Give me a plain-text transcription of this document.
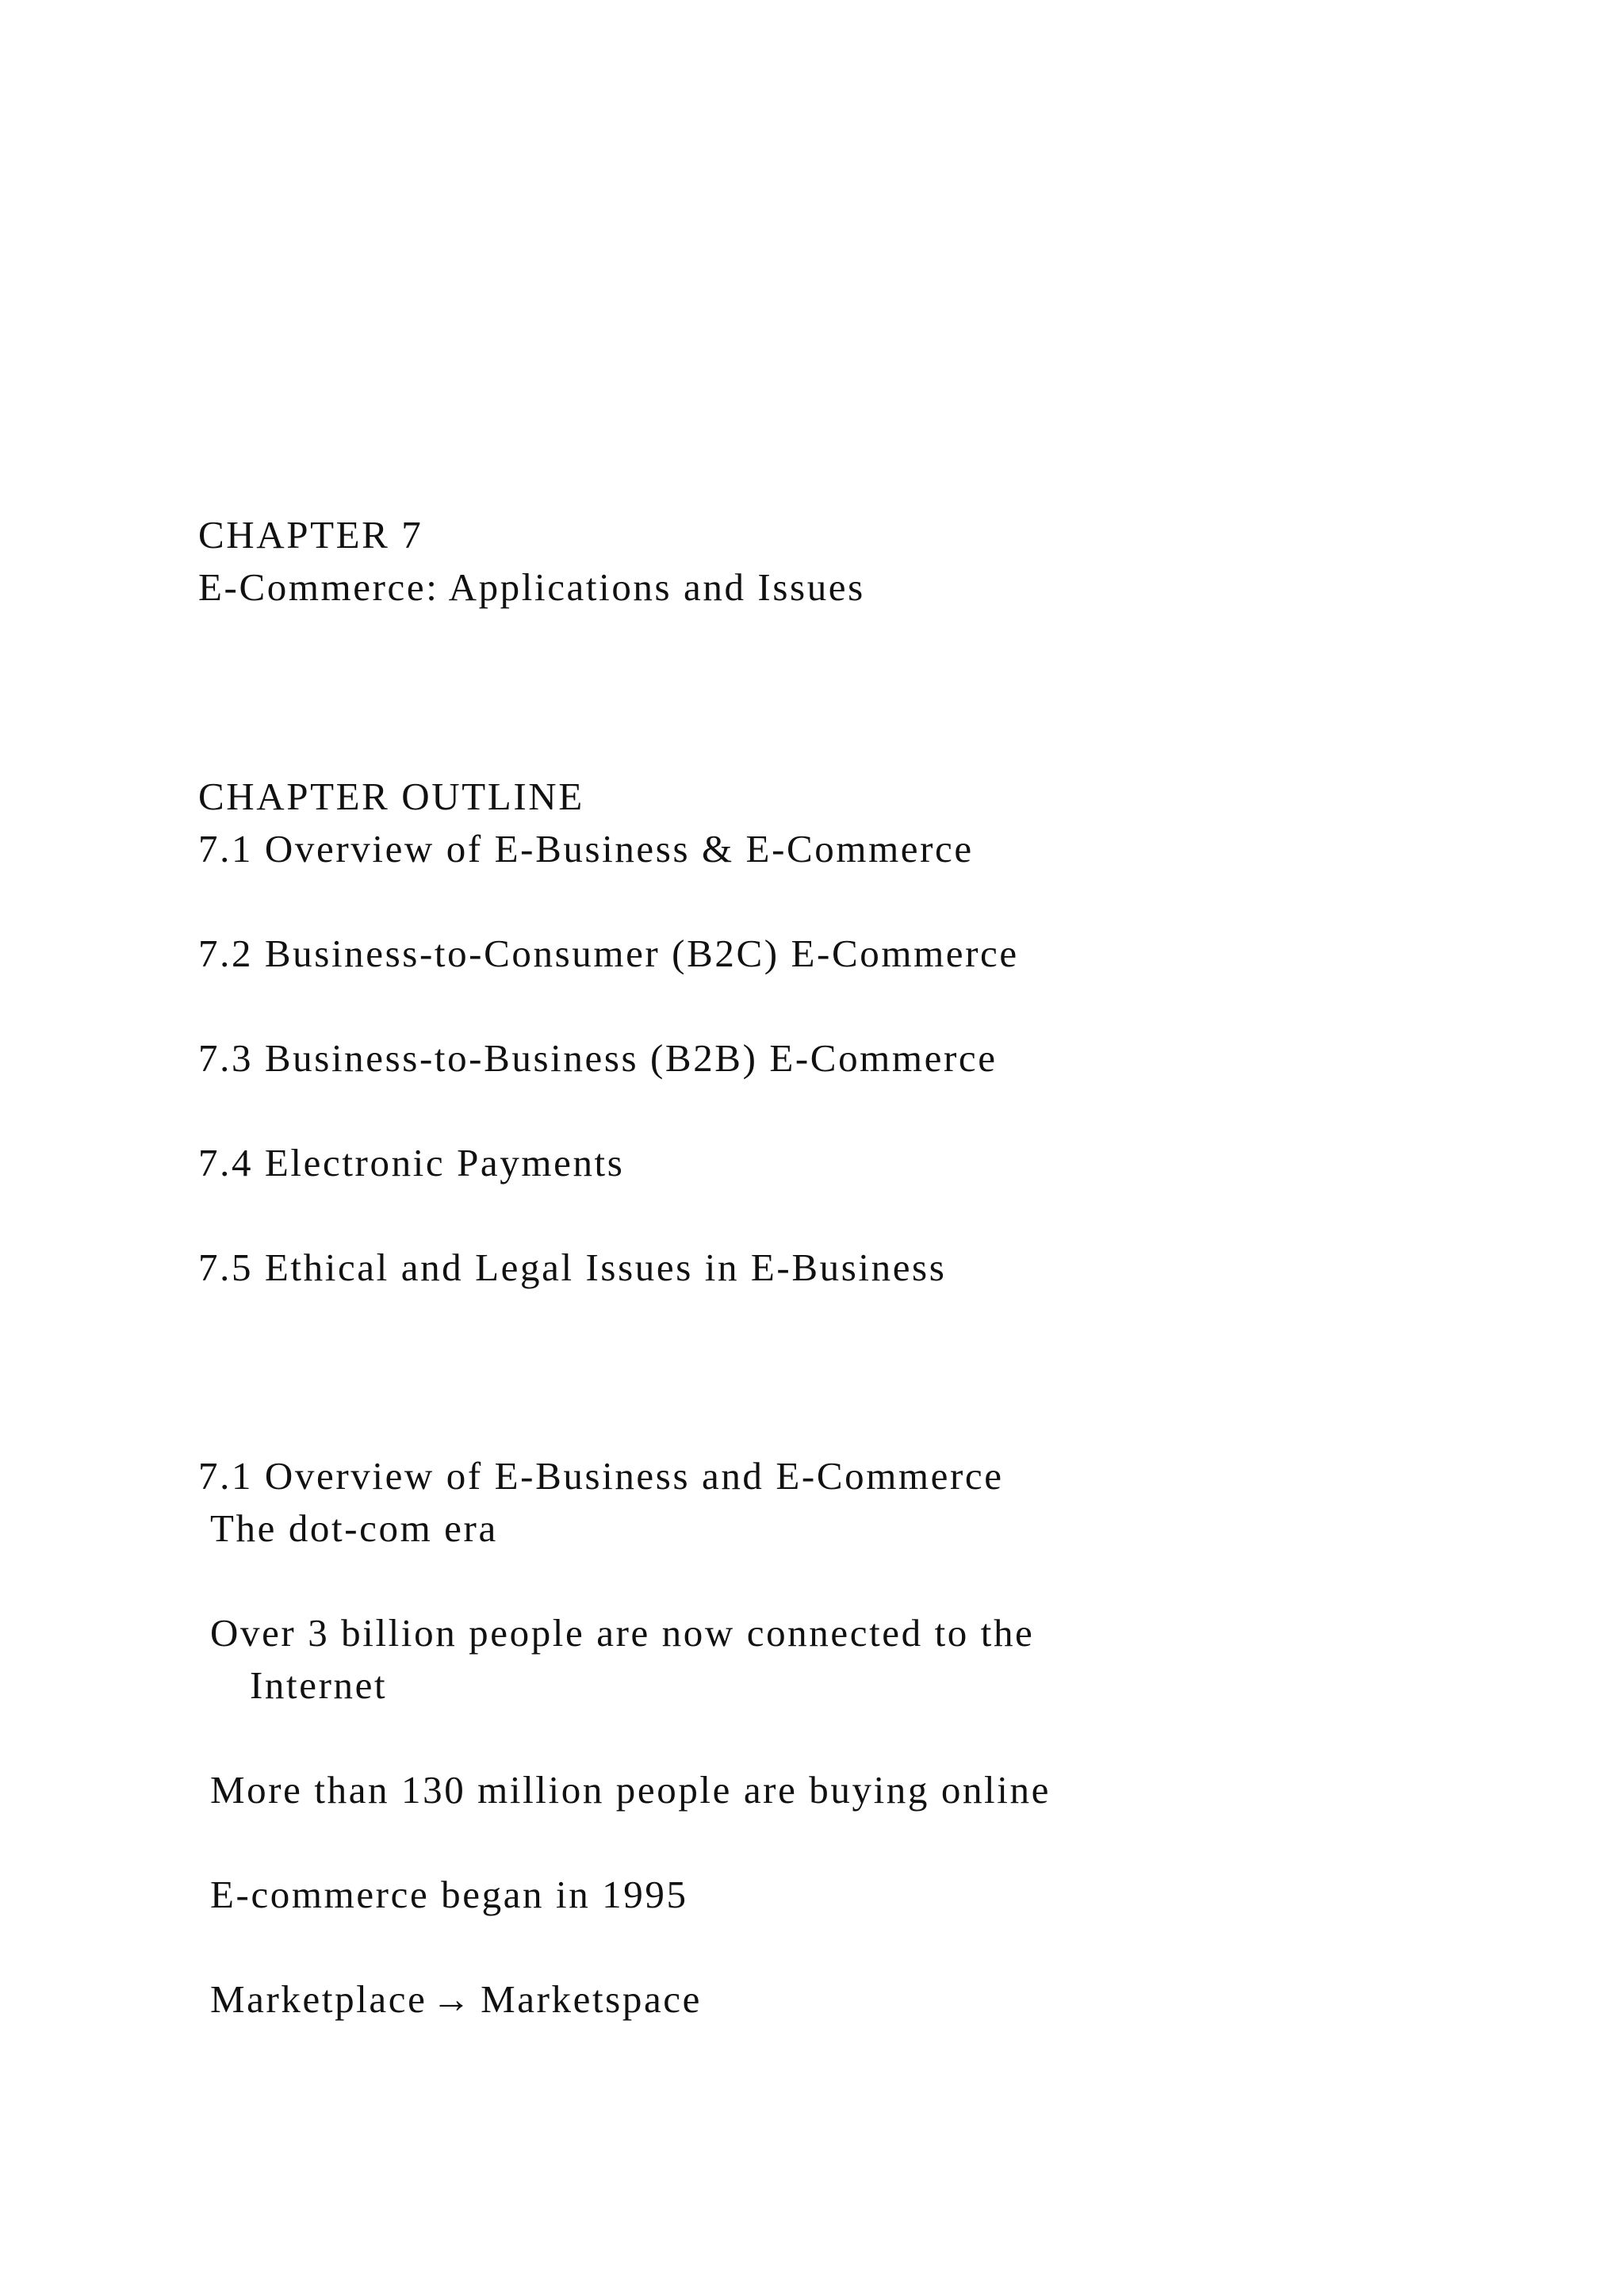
CHAPTER 7

E-Commerce: Applications and Issues

CHAPTER OUTLINE

7.1 Overview of E-Business & E-Commerce

7.2 Business-to-Consumer (B2C) E-Commerce

7.3 Business-to-Business (B2B) E-Commerce

7.4 Electronic Payments

7.5 Ethical and Legal Issues in E-Business

7.1 Overview of E-Business and E-Commerce

The dot-com era

Over 3 billion people are now connected to the

Internet

More than 130 million people are buying online

E-commerce began in 1995

Marketplace → Marketspace
